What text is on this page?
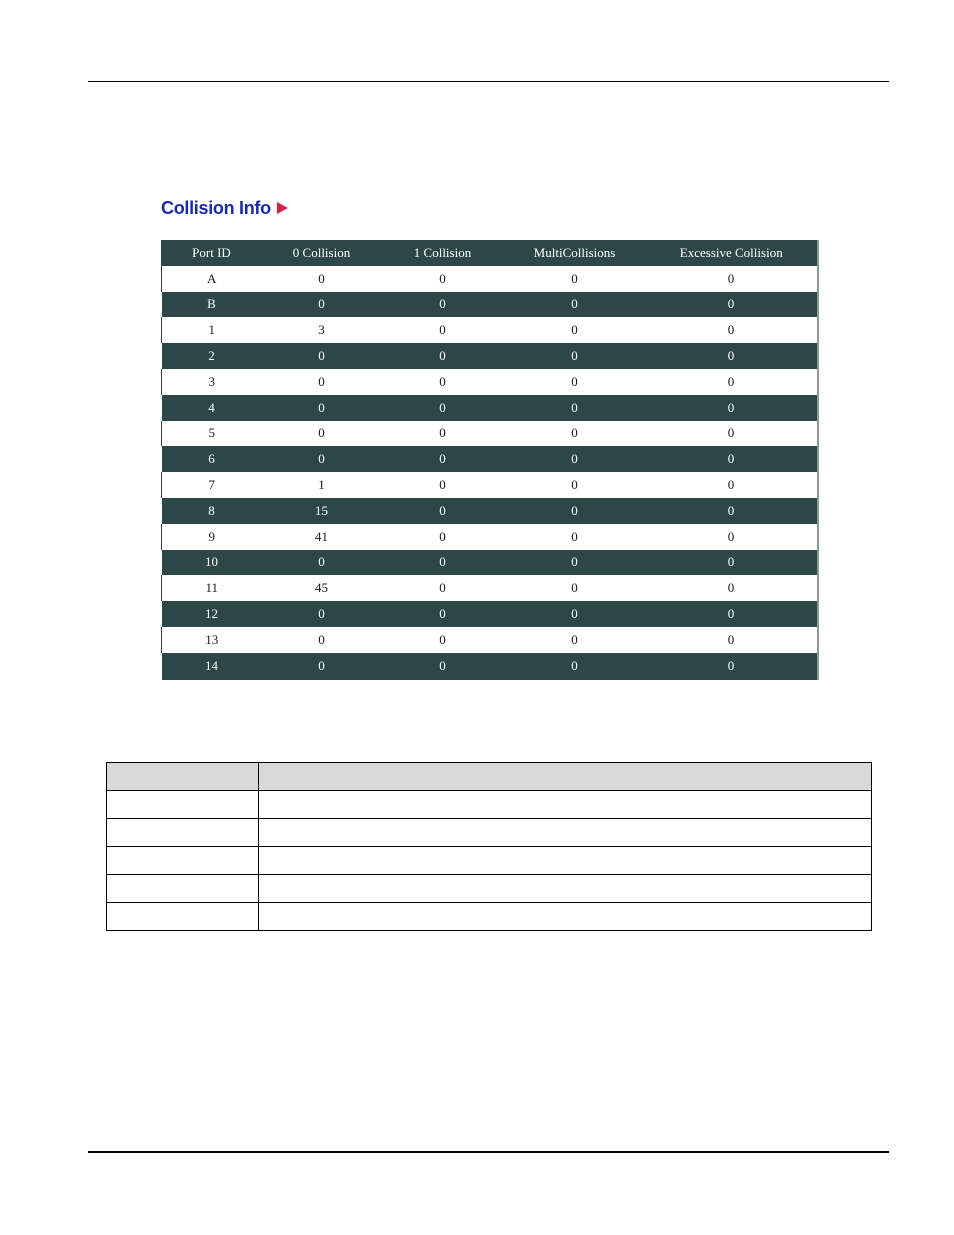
Collision Info
Port ID	0 Collision	1 Collision	MultiCollisions	Excessive Collision
A	0	0	0	0
B	0	0	0	0
1	3	0	0	0
2	0	0	0	0
3	0	0	0	0
4	0	0	0	0
5	0	0	0	0
6	0	0	0	0
7	1	0	0	0
8	15	0	0	0
9	41	0	0	0
10	0	0	0	0
11	45	0	0	0
12	0	0	0	0
13	0	0	0	0
14	0	0	0	0
